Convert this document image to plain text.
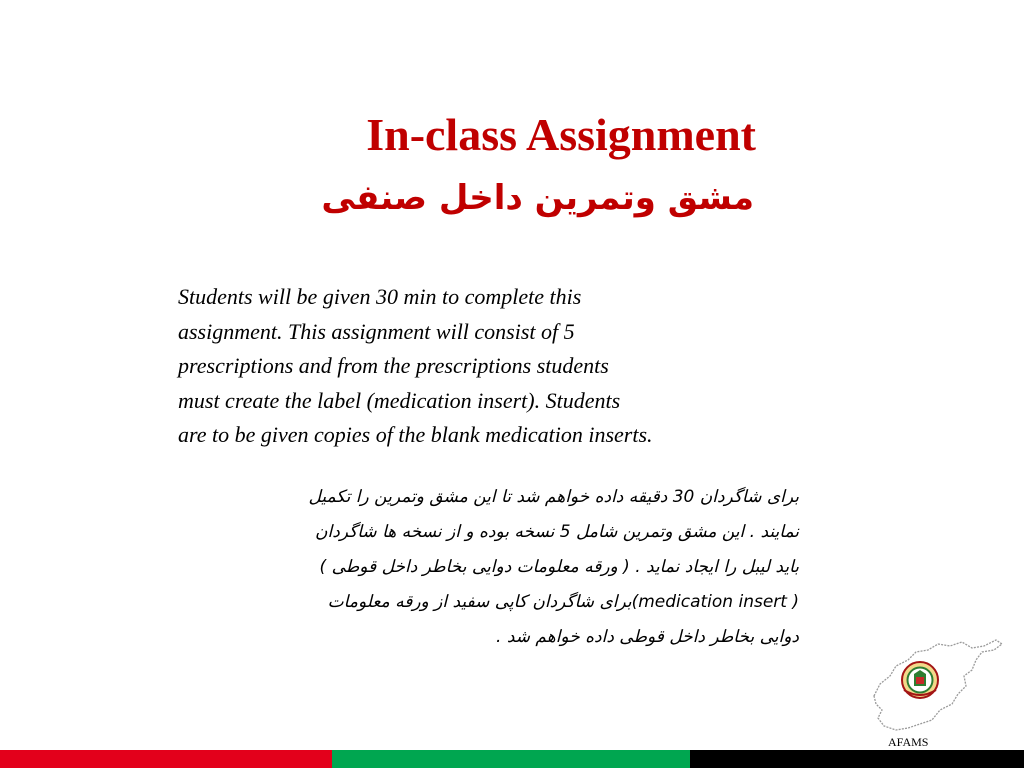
In-class Assignment
مشق وتمرین داخل صنفی

Students will be given 30 min to complete this
assignment. This assignment will consist of 5
prescriptions and from the prescriptions students
must create the label (medication insert). Students
are to be given copies of the blank medication inserts.

برای شاگردان 30 دقیقه داده خواهم شد تا این مشق وتمرین را تکمیل
نمایند . این مشق وتمرین شامل 5 نسخه بوده و از نسخه ها شاگردان
باید لیبل را ایجاد نماید . ( ورقه معلومات دوایی بخاطر داخل قوطی )
( medication insert)برای شاگردان کاپی سفید از ورقه معلومات
دوایی بخاطر داخل قوطی داده خواهم شد .

AFAMS
